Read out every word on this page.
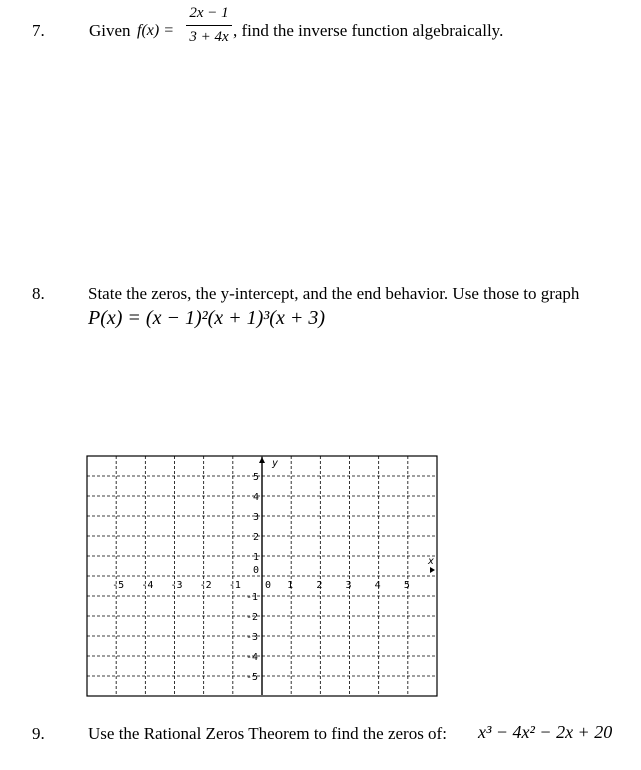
7.	Given f(x) =
2x − 1
3 + 4x , find the inverse function algebraically.
8.	State the zeros, the y-intercept, and the end behavior. Use those to graph
P(x) = (x − 1)²(x + 1)³(x + 3)
y
x
-5 -4 -3 -2 -1 0 1 2 3 4 5
5
4
3
2
1
0
-1
-2
-3
-4
-5
9.	Use the Rational Zeros Theorem to find the zeros of: x³ − 4x² − 2x + 20
